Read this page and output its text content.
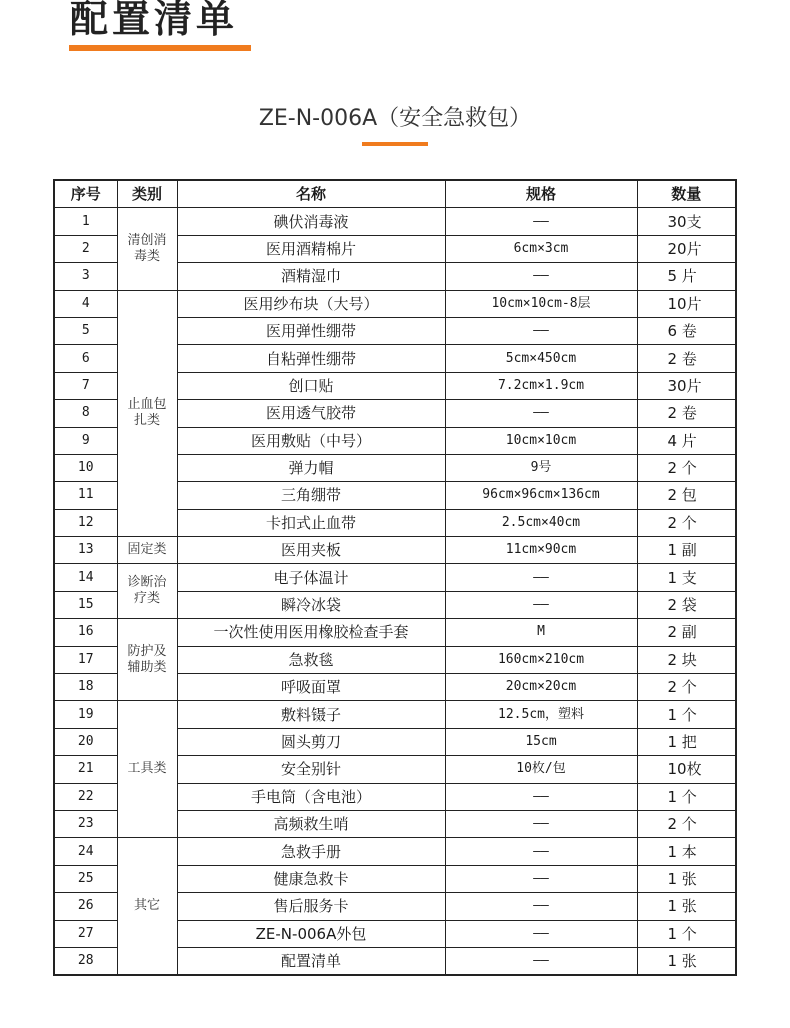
配置清单
ZE-N-006A（安全急救包）
序号	类别	名称	规格	数量
1	清创消毒类	碘伏消毒液	——	30支
2		医用酒精棉片	6cm×3cm	20片
3		酒精湿巾	——	5 片
4	止血包扎类	医用纱布块（大号）	10cm×10cm-8层	10片
5		医用弹性绷带	——	6 卷
6		自粘弹性绷带	5cm×450cm	2 卷
7		创口贴	7.2cm×1.9cm	30片
8		医用透气胶带	——	2 卷
9		医用敷贴（中号）	10cm×10cm	4 片
10		弹力帽	9号	2 个
11		三角绷带	96cm×96cm×136cm	2 包
12		卡扣式止血带	2.5cm×40cm	2 个
13	固定类	医用夹板	11cm×90cm	1 副
14	诊断治疗类	电子体温计	——	1 支
15		瞬冷冰袋	——	2 袋
16	防护及辅助类	一次性使用医用橡胶检查手套	M	2 副
17		急救毯	160cm×210cm	2 块
18		呼吸面罩	20cm×20cm	2 个
19	工具类	敷料镊子	12.5cm，塑料	1 个
20		圆头剪刀	15cm	1 把
21		安全别针	10枚/包	10枚
22		手电筒（含电池）	——	1 个
23		高频救生哨	——	2 个
24	其它	急救手册	——	1 本
25		健康急救卡	——	1 张
26		售后服务卡	——	1 张
27		ZE-N-006A外包	——	1 个
28		配置清单	——	1 张
